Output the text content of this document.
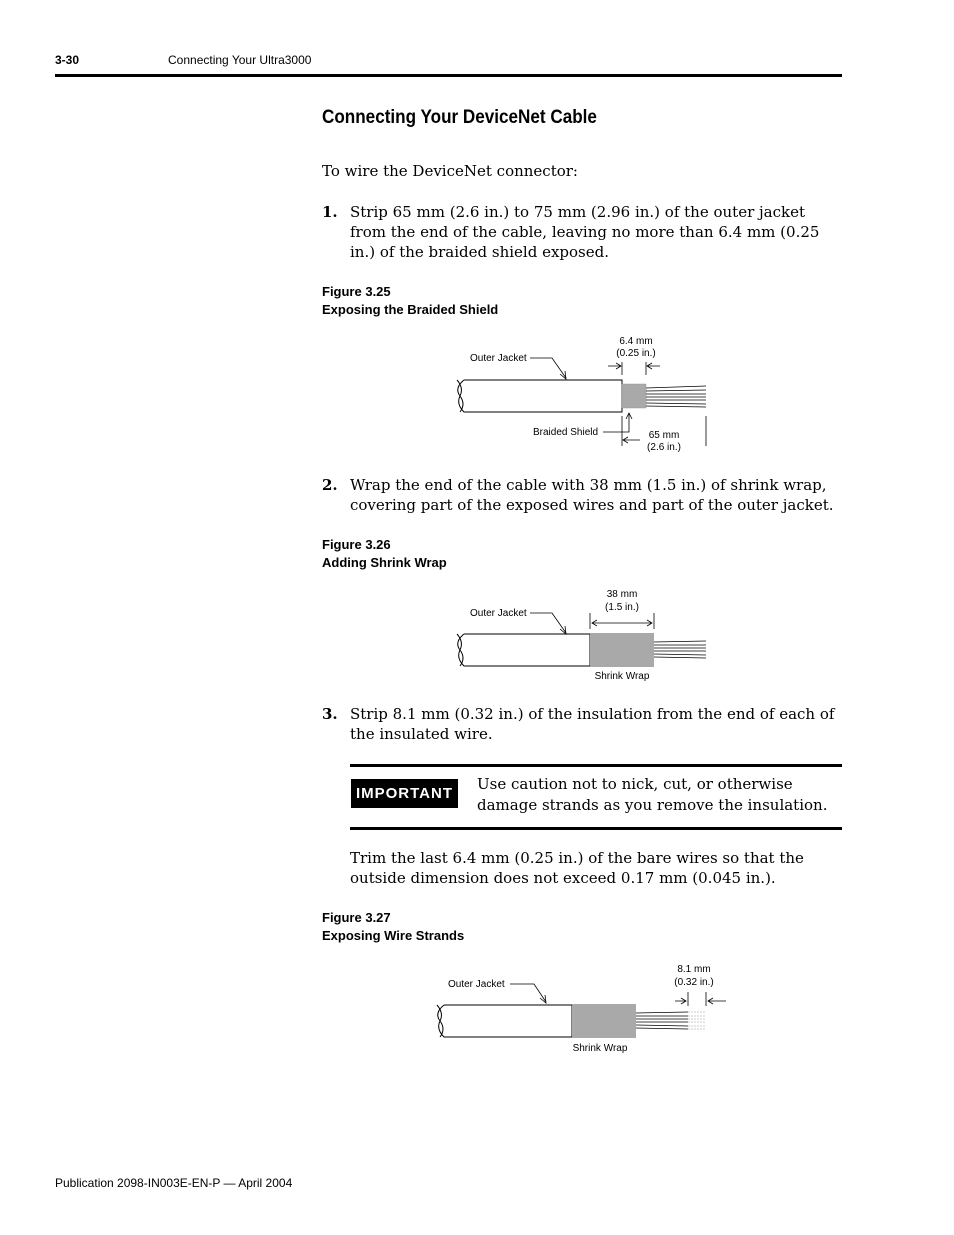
3-30	Connecting Your Ultra3000
Connecting Your DeviceNet Cable
To wire the DeviceNet connector:
1. Strip 65 mm (2.6 in.) to 75 mm (2.96 in.) of the outer jacket from the end of the cable, leaving no more than 6.4 mm (0.25 in.) of the braided shield exposed.
Figure 3.25
Exposing the Braided Shield
6.4 mm
(0.25 in.)
Outer Jacket
Braided Shield	65 mm
(2.6 in.)
2. Wrap the end of the cable with 38 mm (1.5 in.) of shrink wrap, covering part of the exposed wires and part of the outer jacket.
Figure 3.26
Adding Shrink Wrap
38 mm
(1.5 in.)
Outer Jacket
Shrink Wrap
3. Strip 8.1 mm (0.32 in.) of the insulation from the end of each of the insulated wire.
IMPORTANT
Use caution not to nick, cut, or otherwise damage strands as you remove the insulation.
Trim the last 6.4 mm (0.25 in.) of the bare wires so that the outside dimension does not exceed 0.17 mm (0.045 in.).
Figure 3.27
Exposing Wire Strands
8.1 mm
(0.32 in.)
Outer Jacket
Shrink Wrap
Publication 2098-IN003E-EN-P — April 2004
